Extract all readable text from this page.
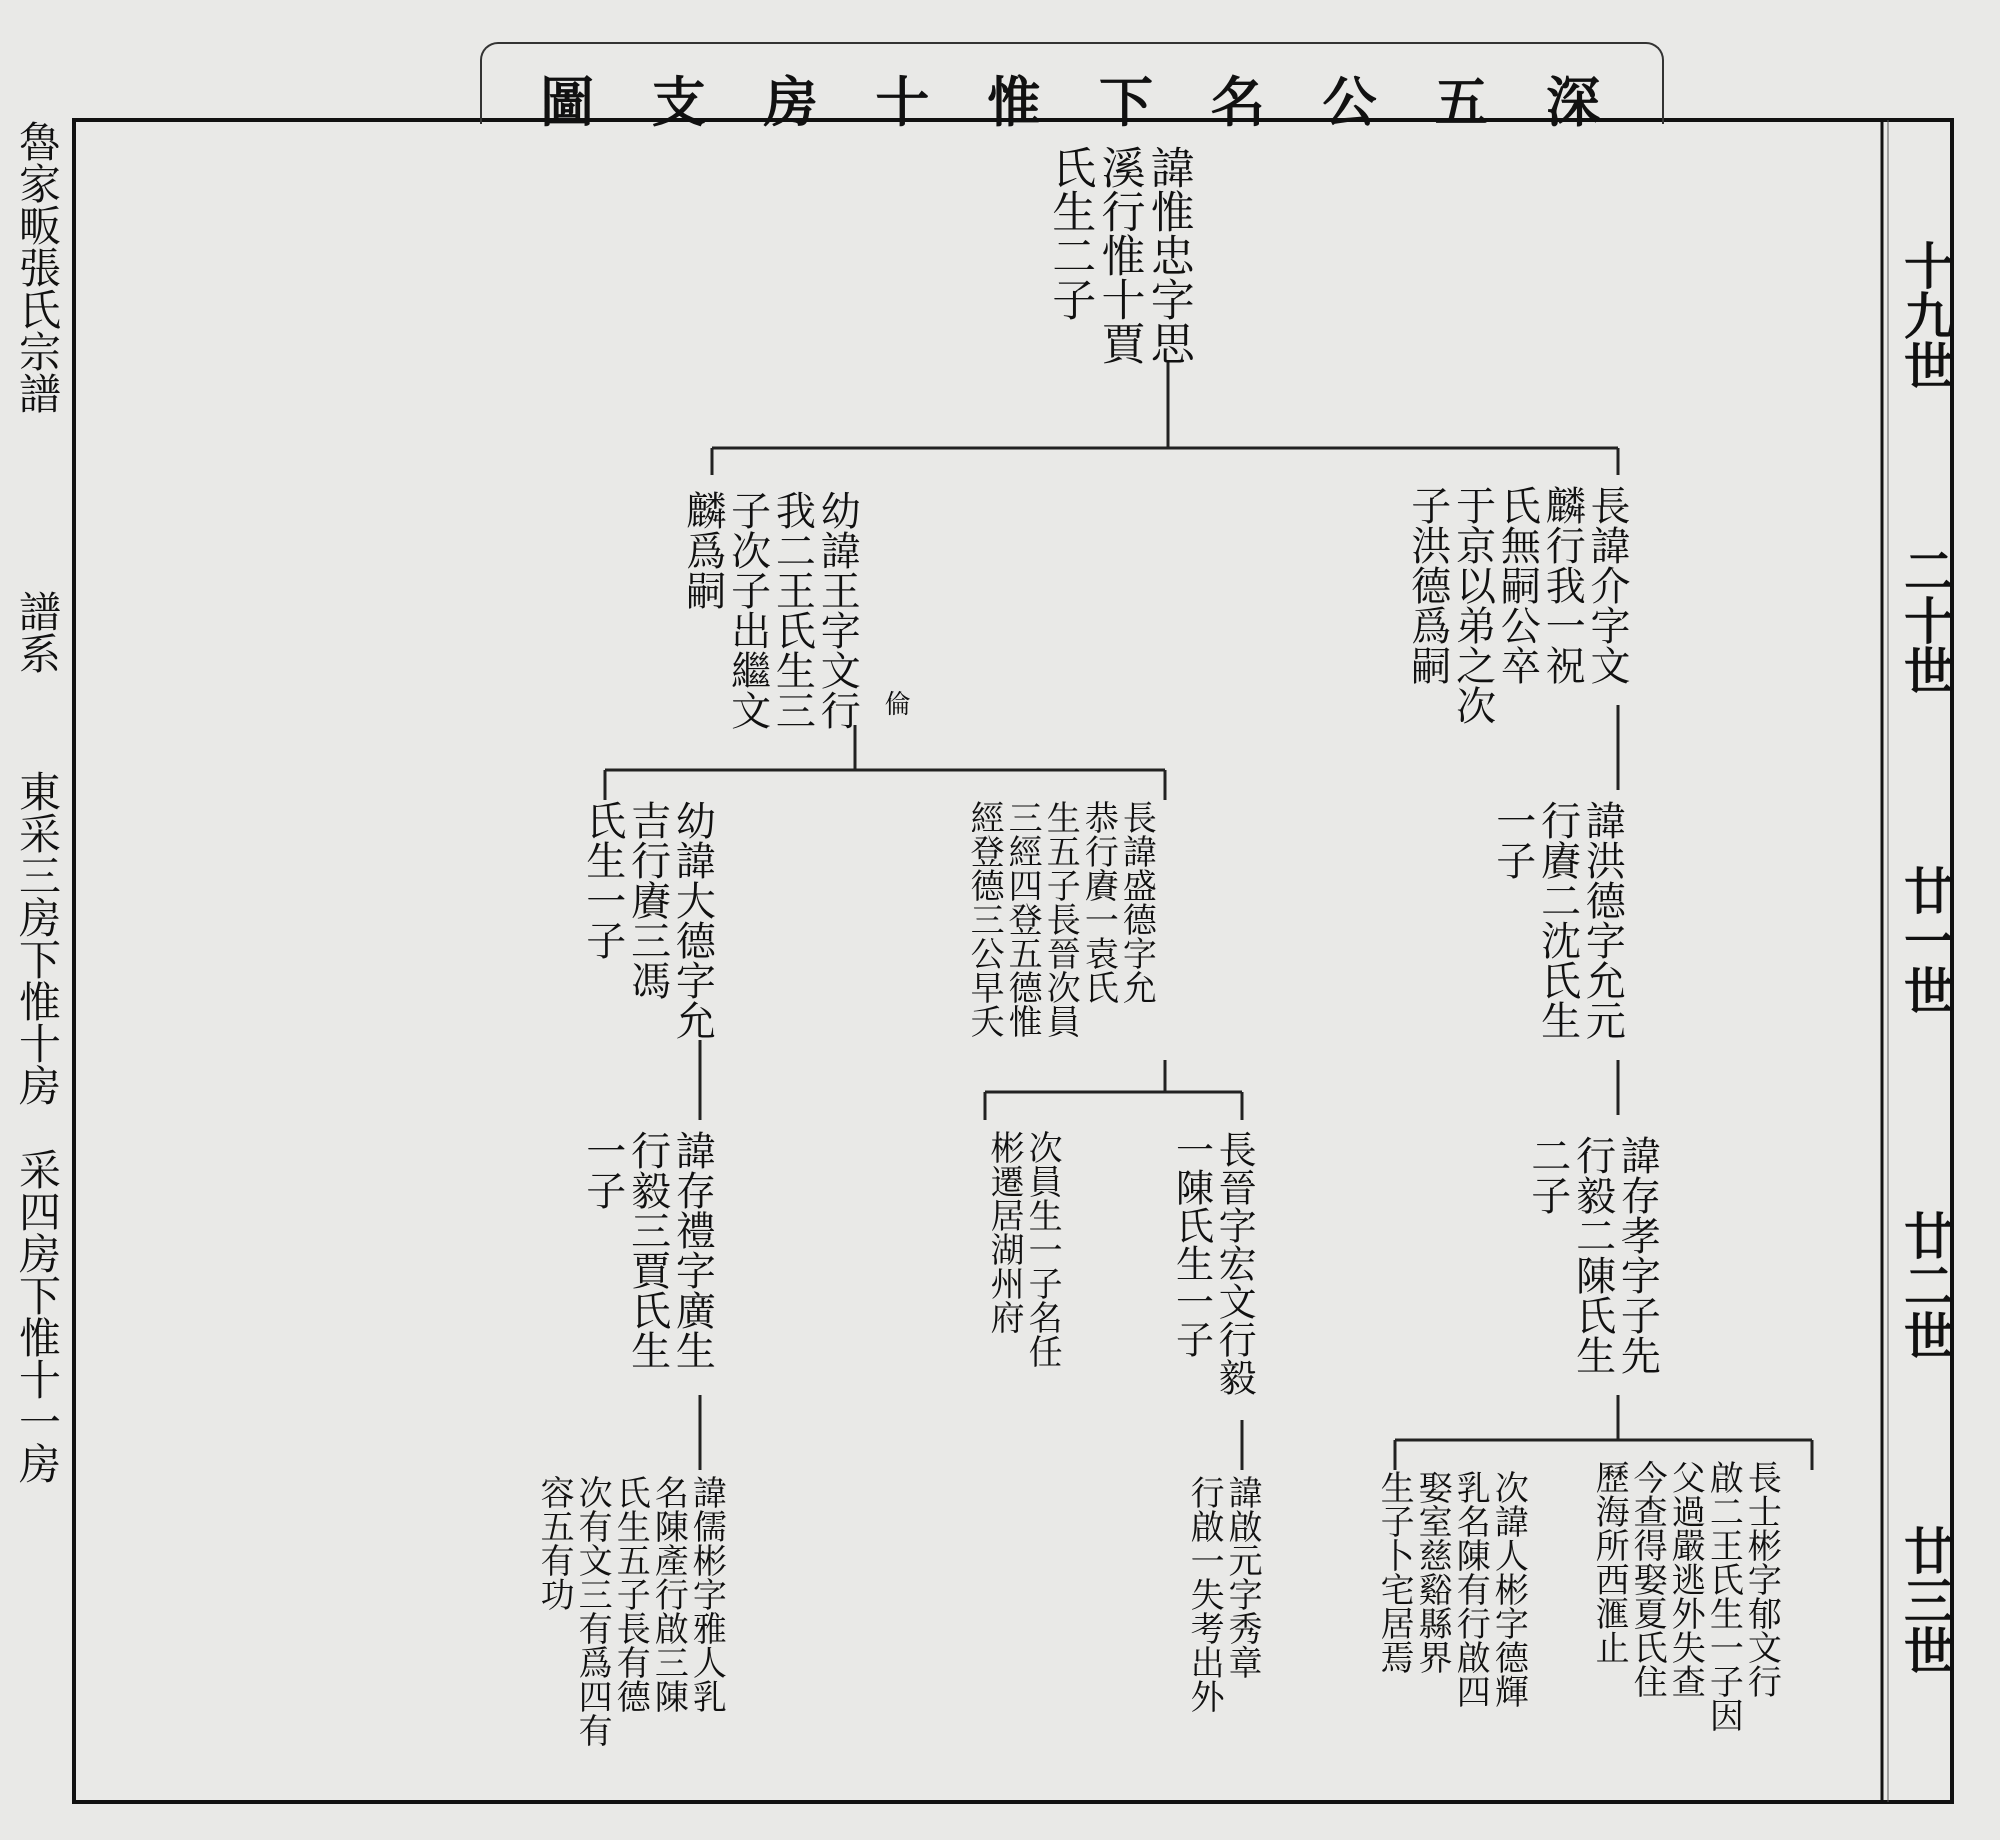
深
五
公
名
下
惟
十
房
支
圖
魯家畈張氏宗譜
譜系
東采三房下惟十房　采四房下惟十一房
十九世
二十世
廿一世
廿二世
廿三世
諱惟忠字思
溪行惟十賈
氏生二子
長諱介字文
麟行我一祝
氏無嗣公卒
于京以弟之次
子洪德爲嗣
幼諱王字文行
我二王氏生三
子次子出繼文
麟爲嗣
倫
諱洪德字允元
行賡二沈氏生
一子
長諱盛德字允
恭行賡一袁氏
生五子長晉次員
三經四登五德惟
經登德三公早夭
幼諱大德字允
吉行賡三馮
氏生一子
諱存孝字子先
行毅二陳氏生
二子
長晉字宏文行毅
一陳氏生一子
次員生一子名任
彬遷居湖州府
諱存禮字廣生
行毅三賈氏生
一子
長士彬字郁文行
啟二王氏生一子因
父過嚴逃外失查
今查得娶夏氏住
歷海所西滙止
次諱人彬字德輝
乳名陳有行啟四
娶室慈谿縣界
生子卜宅居焉
諱啟元字秀章
行啟一失考出外
諱儒彬字雅人乳
名陳產行啟三陳
氏生五子長有德
次有文三有爲四有
容五有功
